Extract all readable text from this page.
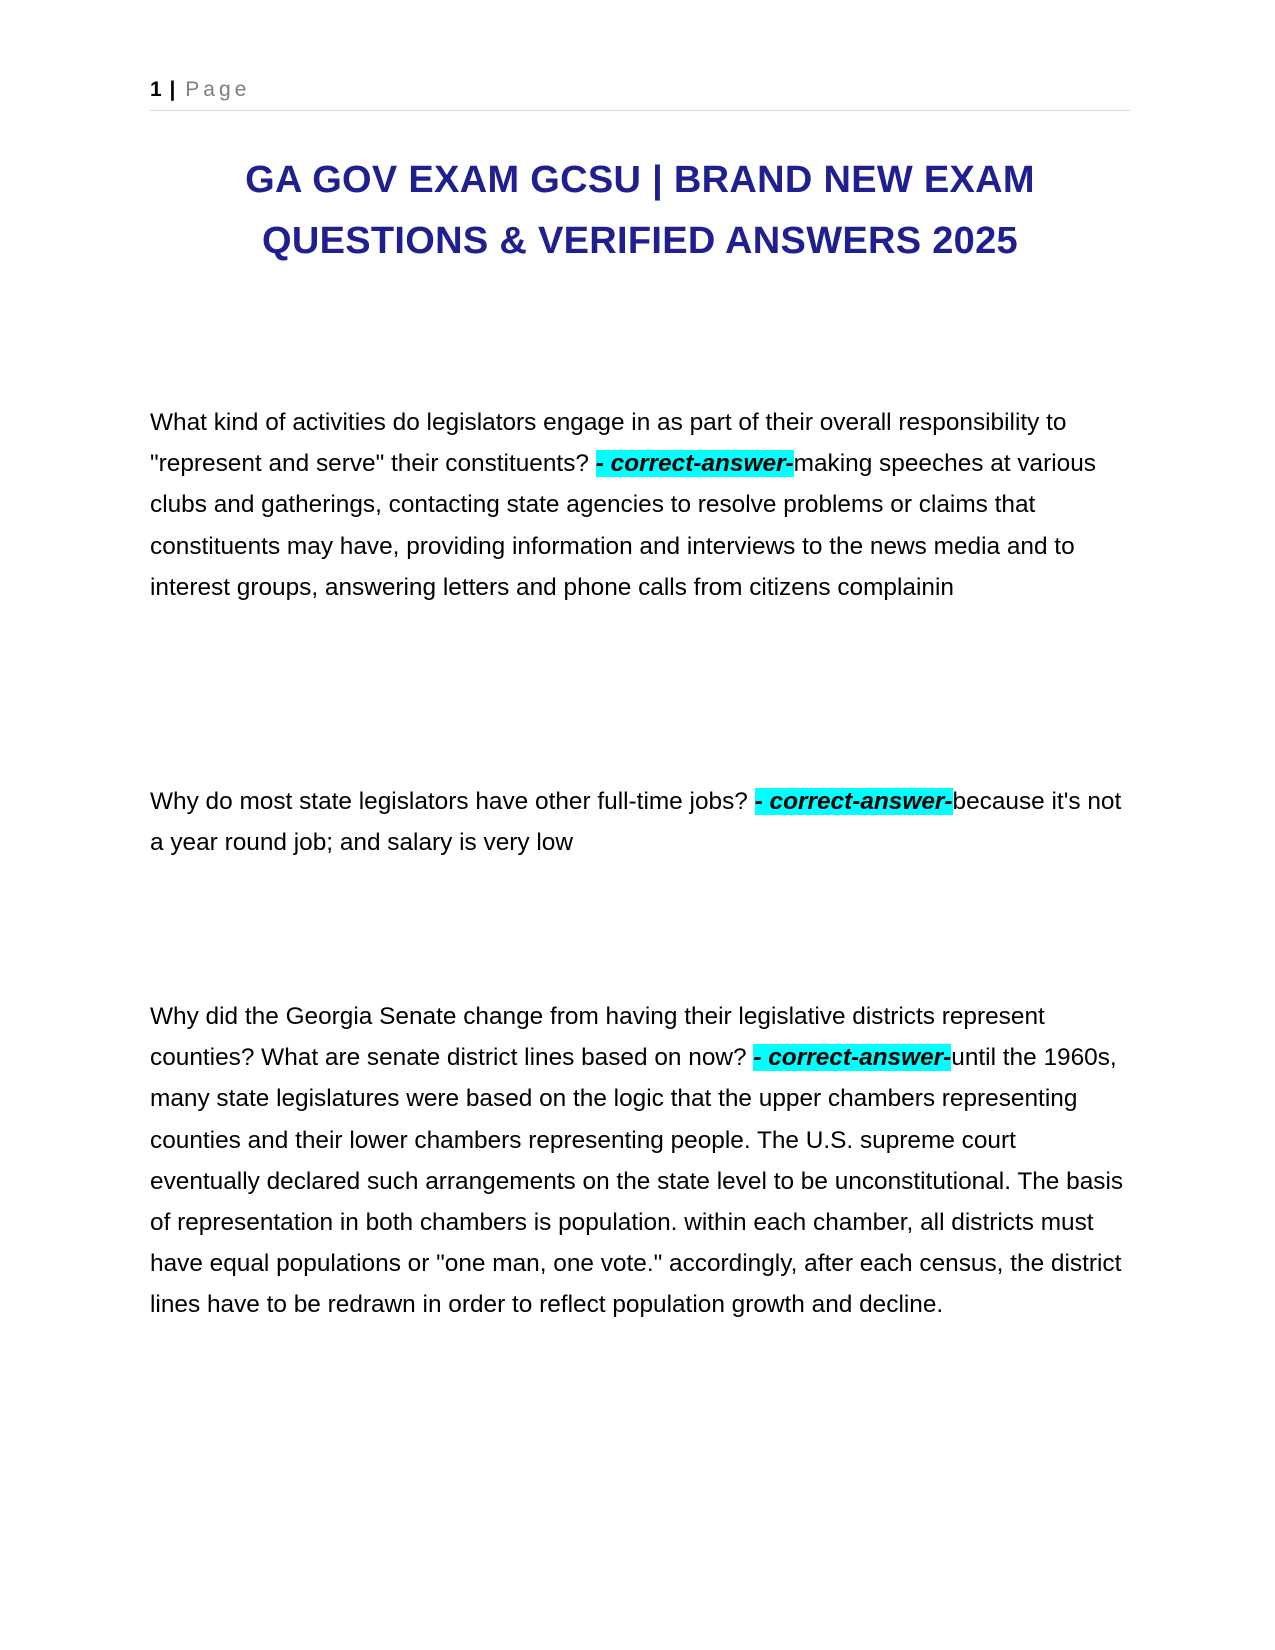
1 | Page
GA GOV EXAM GCSU | BRAND NEW EXAM QUESTIONS & VERIFIED ANSWERS 2025
What kind of activities do legislators engage in as part of their overall responsibility to "represent and serve" their constituents? - correct-answer-making speeches at various clubs and gatherings, contacting state agencies to resolve problems or claims that constituents may have, providing information and interviews to the news media and to interest groups, answering letters and phone calls from citizens complainin
Why do most state legislators have other full-time jobs? - correct-answer-because it's not a year round job; and salary is very low
Why did the Georgia Senate change from having their legislative districts represent counties? What are senate district lines based on now? - correct-answer-until the 1960s, many state legislatures were based on the logic that the upper chambers representing counties and their lower chambers representing people. The U.S. supreme court eventually declared such arrangements on the state level to be unconstitutional. The basis of representation in both chambers is population. within each chamber, all districts must have equal populations or "one man, one vote." accordingly, after each census, the district lines have to be redrawn in order to reflect population growth and decline.
